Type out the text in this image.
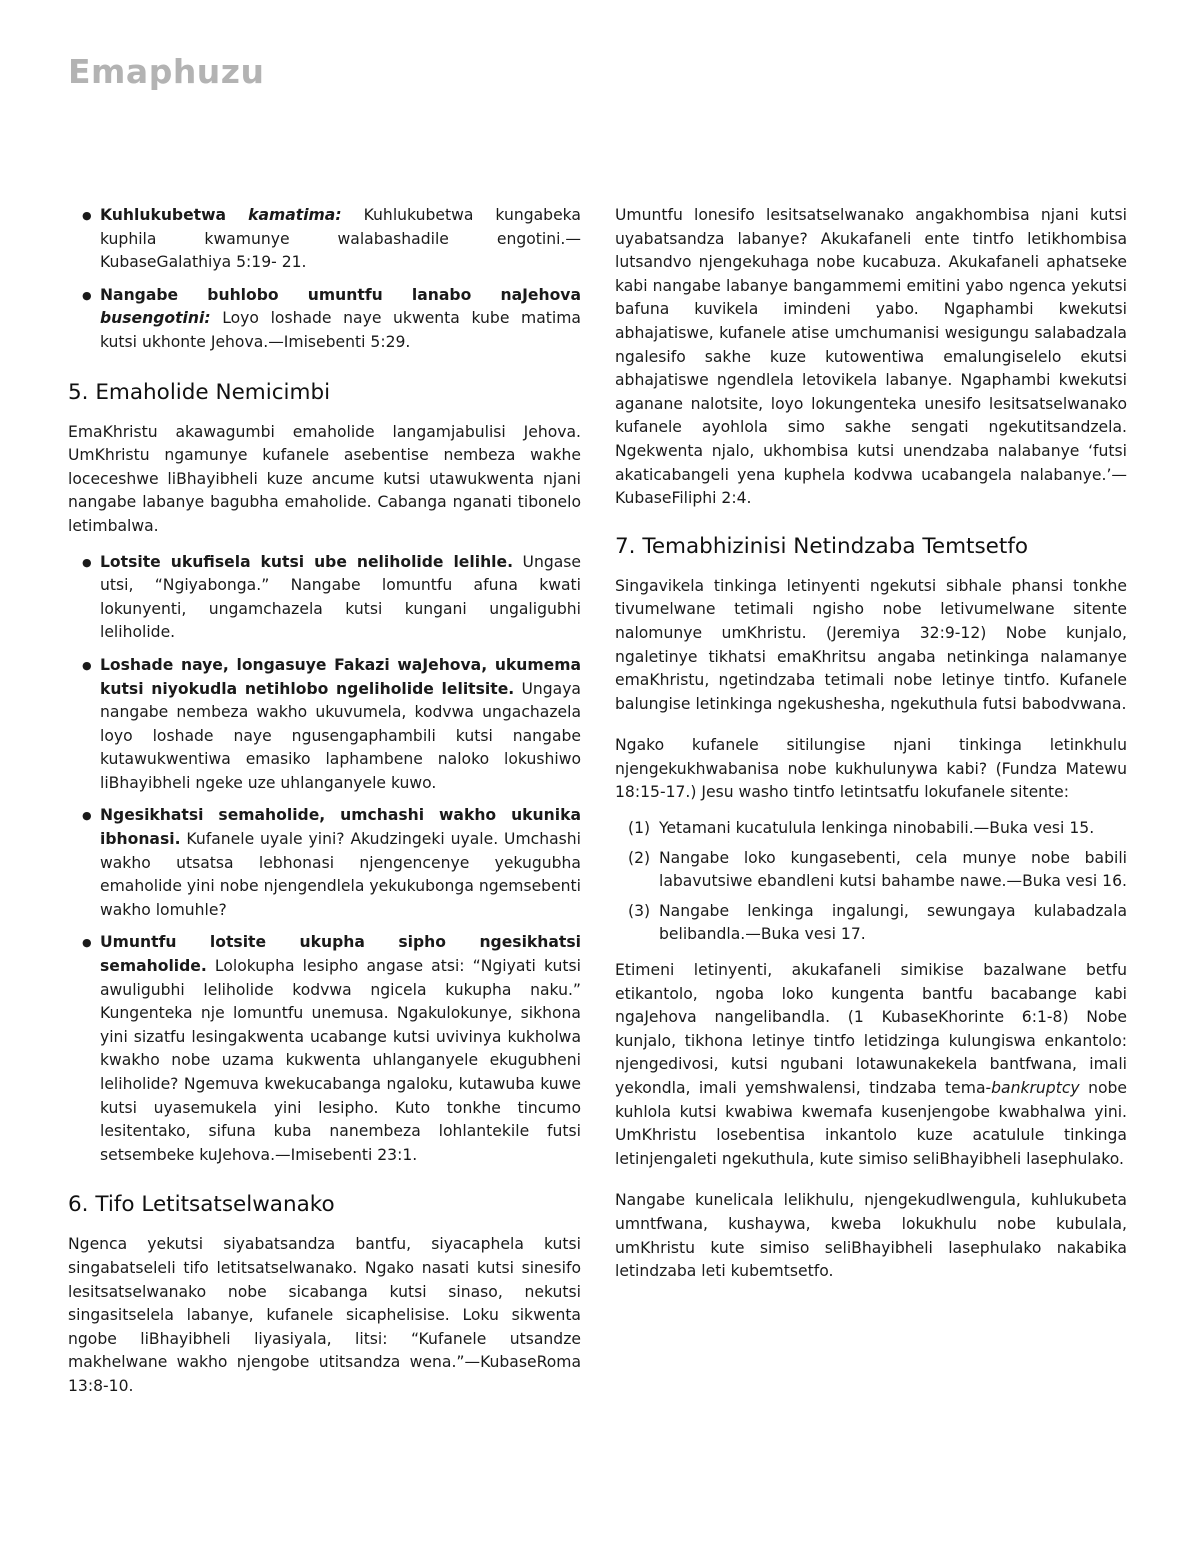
Emaphuzu
● Kuhlukubetwa kamatima: Kuhlukubetwa kungabeka kuphila kwamunye walabashadile engotini.—KubaseGalathiya 5:19- 21.
● Nangabe buhlobo umuntfu lanabo naJehova busengotini: Loyo loshade naye ukwenta kube matima kutsi ukhonte Jehova.—Imisebenti 5:29.
5. Emaholide Nemicimbi

EmaKhristu akawagumbi emaholide langamjabulisi Jehova. UmKhristu ngamunye kufanele asebentise nembeza wakhe loceceshwe liBhayibheli kuze ancume kutsi utawukwenta njani nangabe labanye bagubha emaholide. Cabanga nganati tibonelo letimbalwa.

● Lotsite ukufisela kutsi ube neliholide lelihle. Ungase utsi, “Ngiyabonga.” Nangabe lomuntfu afuna kwati lokunyenti, ungamchazela kutsi kungani ungaligubhi leliholide.
● Loshade naye, longasuye Fakazi waJehova, ukumema kutsi niyokudla netihlobo ngeliholide lelitsite. Ungaya nangabe nembeza wakho ukuvumela, kodvwa ungachazela loyo loshade naye ngusengaphambili kutsi nangabe kutawukwentiwa emasiko laphambene naloko lokushiwo liBhayibheli ngeke uze uhlanganyele kuwo.
● Ngesikhatsi semaholide, umchashi wakho ukunika ibhonasi. Kufanele uyale yini? Akudzingeki uyale. Umchashi wakho utsatsa lebhonasi njengencenye yekugubha emaholide yini nobe njengendlela yekukubonga ngemsebenti wakho lomuhle?
● Umuntfu lotsite ukupha sipho ngesikhatsi semaholide. Lolokupha lesipho angase atsi: “Ngiyati kutsi awuligubhi leliholide kodvwa ngicela kukupha naku.” Kungenteka nje lomuntfu unemusa. Ngakulokunye, sikhona yini sizatfu lesingakwenta ucabange kutsi uvivinya kukholwa kwakho nobe uzama kukwenta uhlanganyele ekugubheni leliholide? Ngemuva kwekucabanga ngaloku, kutawuba kuwe kutsi uyasemukela yini lesipho. Kuto tonkhe tincumo lesitentako, sifuna kuba nanembeza lohlantekile futsi setsembeke kuJehova.—Imisebenti 23:1.
6. Tifo Letitsatselwanako

Ngenca yekutsi siyabatsandza bantfu, siyacaphela kutsi singabatseleli tifo letitsatselwanako. Ngako nasati kutsi sinesifo lesitsatselwanako nobe sicabanga kutsi sinaso, nekutsi singasitselela labanye, kufanele sicaphelisise. Loku sikwenta ngobe liBhayibheli liyasiyala, litsi: “Kufanele utsandze makhelwane wakho njengobe utitsandza wena.”—KubaseRoma 13:8-10.

Umuntfu lonesifo lesitsatselwanako angakhombisa njani kutsi uyabatsandza labanye? Akukafaneli ente tintfo letikhombisa lutsandvo njengekuhaga nobe kucabuza. Akukafaneli aphatseke kabi nangabe labanye bangammemi emitini yabo ngenca yekutsi bafuna kuvikela imindeni yabo. Ngaphambi kwekutsi abhajatiswe, kufanele atise umchumanisi wesigungu salabadzala ngalesifo sakhe kuze kutowentiwa emalungiselelo ekutsi abhajatiswe ngendlela letovikela labanye. Ngaphambi kwekutsi aganane nalotsite, loyo lokungenteka unesifo lesitsatselwanako kufanele ayohlola simo sakhe sengati ngekutitsandzela. Ngekwenta njalo, ukhombisa kutsi unendzaba nalabanye ‘futsi akaticabangeli yena kuphela kodvwa ucabangela nalabanye.’—KubaseFiliphi 2:4.

7. Temabhizinisi Netindzaba Temtsetfo

Singavikela tinkinga letinyenti ngekutsi sibhale phansi tonkhe tivumelwane tetimali ngisho nobe letivumelwane sitente nalomunye umKhristu. (Jeremiya 32:9-12) Nobe kunjalo, ngaletinye tikhatsi emaKhritsu angaba netinkinga nalamanye emaKhristu, ngetindzaba tetimali nobe letinye tintfo. Kufanele balungise letinkinga ngekushesha, ngekuthula futsi babodvwana.

Ngako kufanele sitilungise njani tinkinga letinkhulu njengekukhwabanisa nobe kukhulunywa kabi? (Fundza Matewu 18:15-17.) Jesu washo tintfo letintsatfu lokufanele sitente:

(1) Yetamani kucatulula lenkinga ninobabili.—Buka vesi 15.
(2) Nangabe loko kungasebenti, cela munye nobe babili labavutsiwe ebandleni kutsi bahambe nawe.—Buka vesi 16.
(3) Nangabe lenkinga ingalungi, sewungaya kulabadzala belibandla.—Buka vesi 17.

Etimeni letinyenti, akukafaneli simikise bazalwane betfu etikantolo, ngoba loko kungenta bantfu bacabange kabi ngaJehova nangelibandla. (1 KubaseKhorinte 6:1-8) Nobe kunjalo, tikhona letinye tintfo letidzinga kulungiswa enkantolo: njengedivosi, kutsi ngubani lotawunakekela bantfwana, imali yekondla, imali yemshwalensi, tindzaba tema-bankruptcy nobe kuhlola kutsi kwabiwa kwemafa kusenjengobe kwabhalwa yini. UmKhristu losebentisa inkantolo kuze acatulule tinkinga letinjengaleti ngekuthula, kute simiso seliBhayibheli lasephulako.

Nangabe kunelicala lelikhulu, njengekudlwengula, kuhlukubeta umntfwana, kushaywa, kweba lokukhulu nobe kubulala, umKhristu kute simiso seliBhayibheli lasephulako nakabika letindzaba leti kubemtsetfo.
